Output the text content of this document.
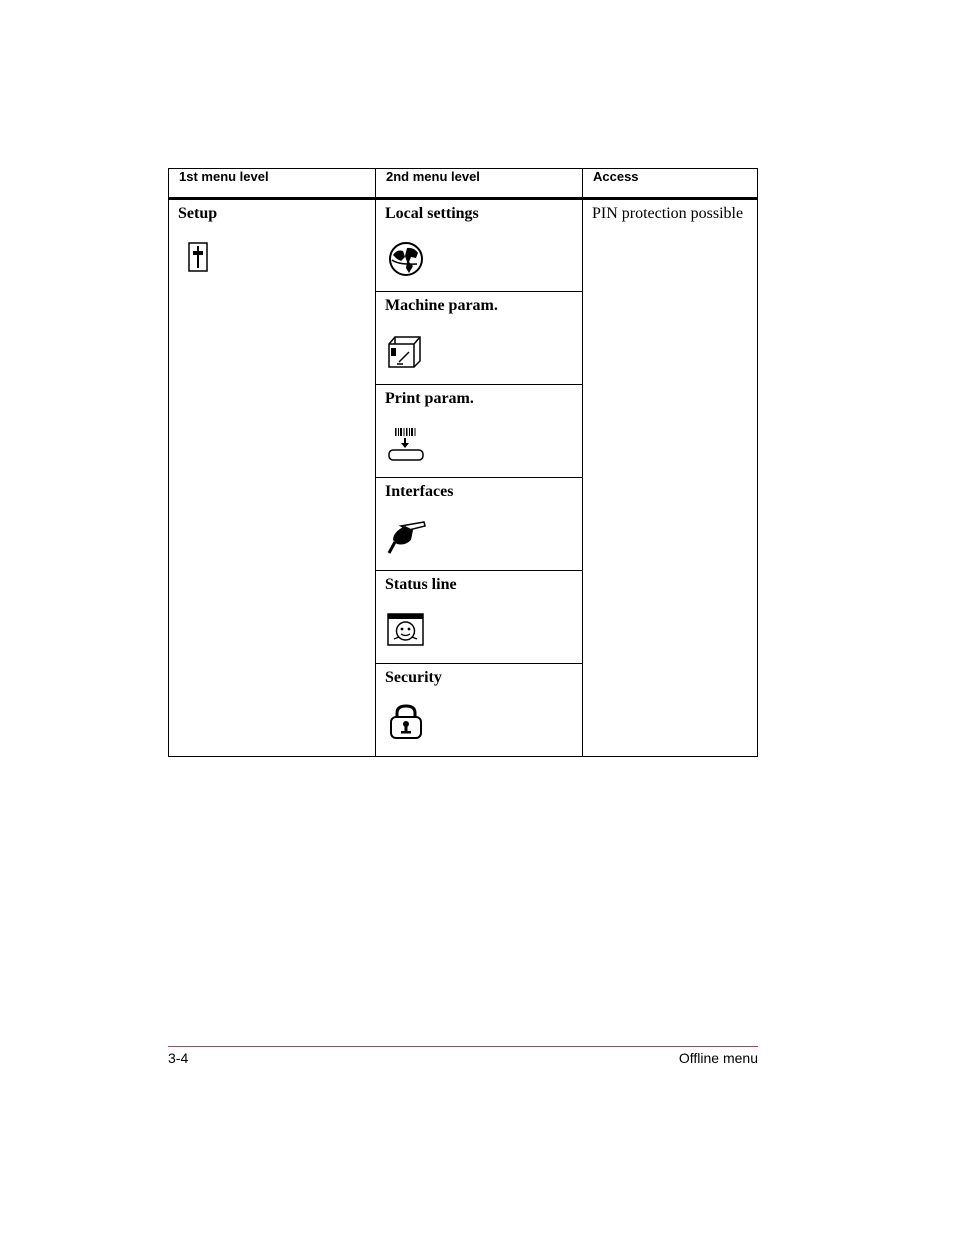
1st menu level	2nd menu level	Access

Setup	Local settings	PIN protection possible

	Machine param.	

	Print param.	

	Interfaces	

	Status line	

	Security	
3-4	Offline menu
